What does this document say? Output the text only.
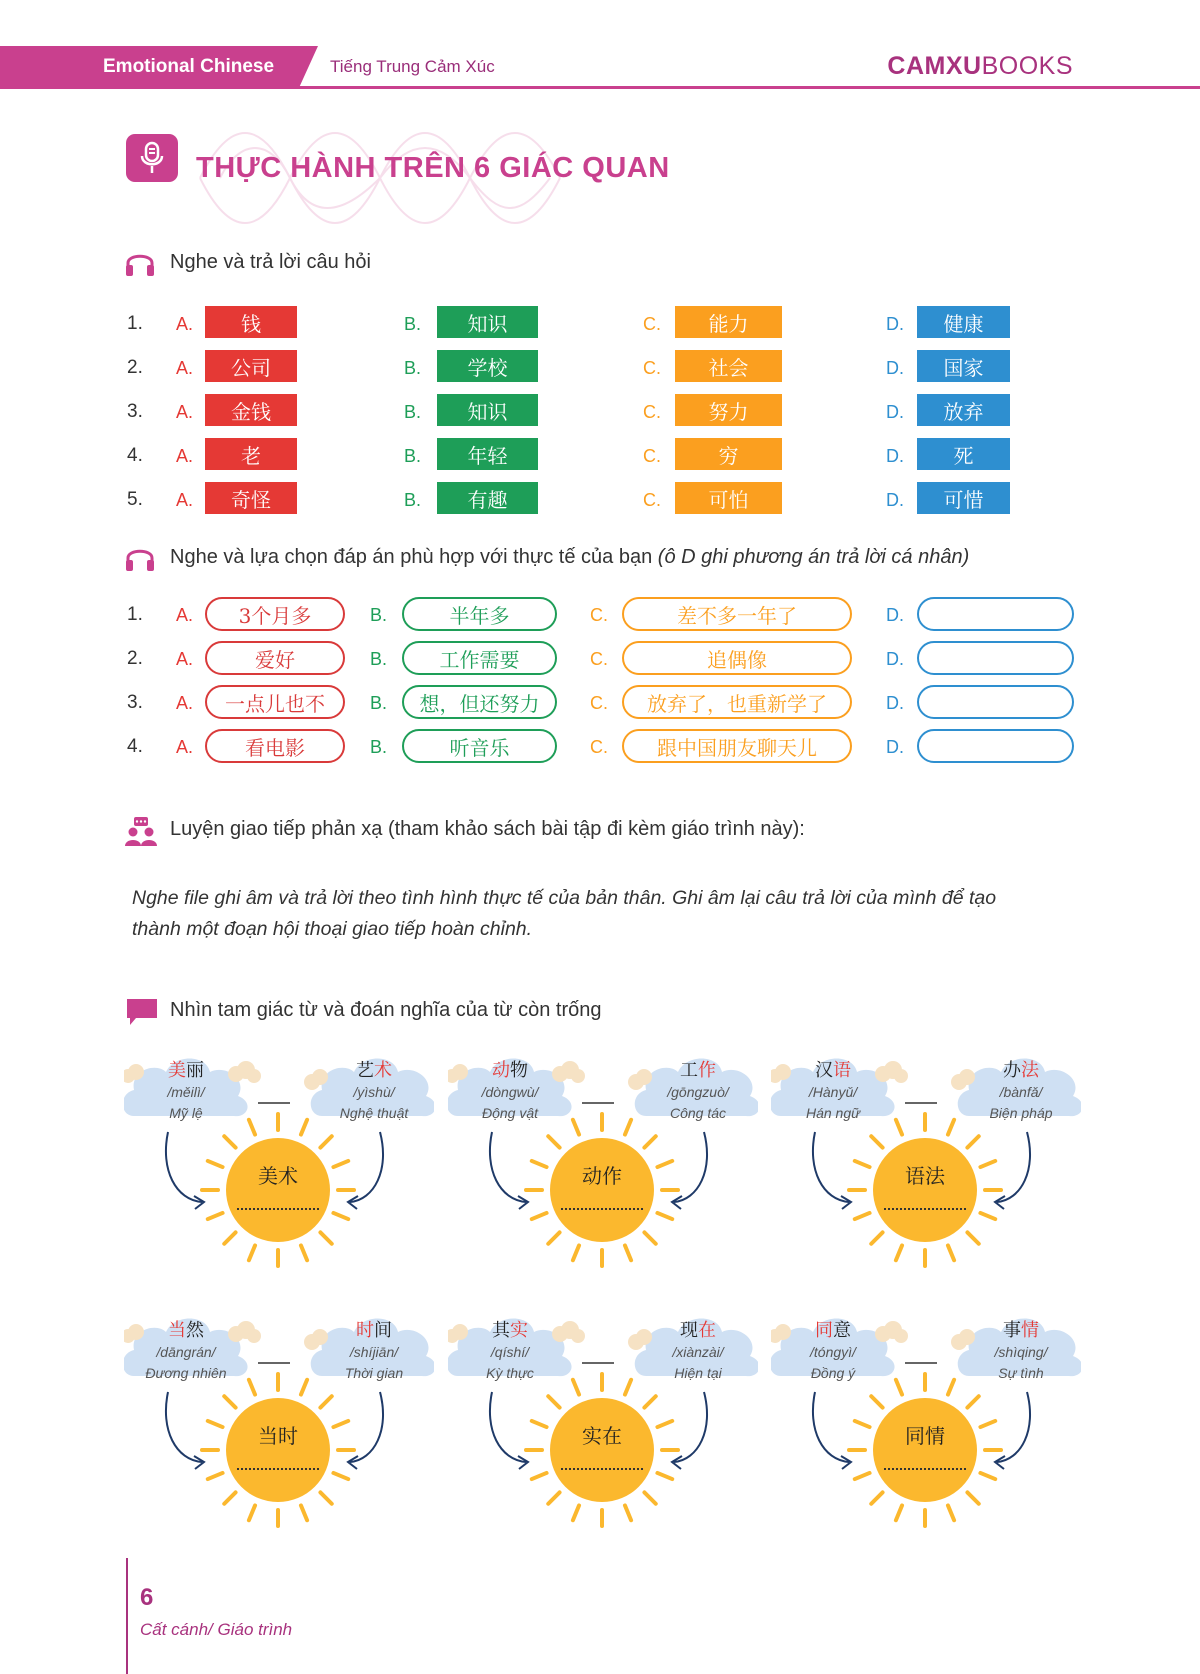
Emotional Chinese	Tiếng Trung Cảm Xúc	CAMXUBOOKS
THỰC HÀNH TRÊN 6 GIÁC QUAN
Nghe và trả lời câu hỏi
1. A.	钱	B.	知识	C.	能力	D.	健康
2. A.	公司	B.	学校	C.	社会	D.	国家
3. A.	金钱	B.	知识	C.	努力	D.	放弃
4. A.	老	B.	年轻	C.	穷	D.	死
5. A.	奇怪	B.	有趣	C.	可怕	D.	可惜
Nghe và lựa chọn đáp án phù hợp với thực tế của bạn (ô D ghi phương án trả lời cá nhân)
1. A.	3个月多	B.	半年多	C.	差不多一年了	D.
2. A.	爱好	B.	工作需要	C.	追偶像	D.
3. A.	一点儿也不	B.	想，但还努力	C.	放弃了，也重新学了	D.
4. A.	看电影	B.	听音乐	C.	跟中国朋友聊天儿	D.
Luyện giao tiếp phản xạ (tham khảo sách bài tập đi kèm giáo trình này):
Nghe file ghi âm và trả lời theo tình hình thực tế của bản thân. Ghi âm lại câu trả lời của mình để tạo
thành một đoạn hội thoại giao tiếp hoàn chỉnh.
Nhìn tam giác từ và đoán nghĩa của từ còn trống
美丽
/měilì/
Mỹ lệ
艺术
/yìshù/
Nghệ thuật
美术
动物
/dòngwù/
Động vật
工作
/gōngzuò/
Công tác
动作
汉语
/Hànyǔ/
Hán ngữ
办法
/bànfǎ/
Biện pháp
语法
当然
/dāngrán/
Đương nhiên
时间
/shíjiān/
Thời gian
当时
其实
/qíshí/
Kỳ thực
现在
/xiànzài/
Hiện tại
实在
同意
/tóngyì/
Đồng ý
事情
/shìqing/
Sự tình
同情
6
Cất cánh/ Giáo trình
